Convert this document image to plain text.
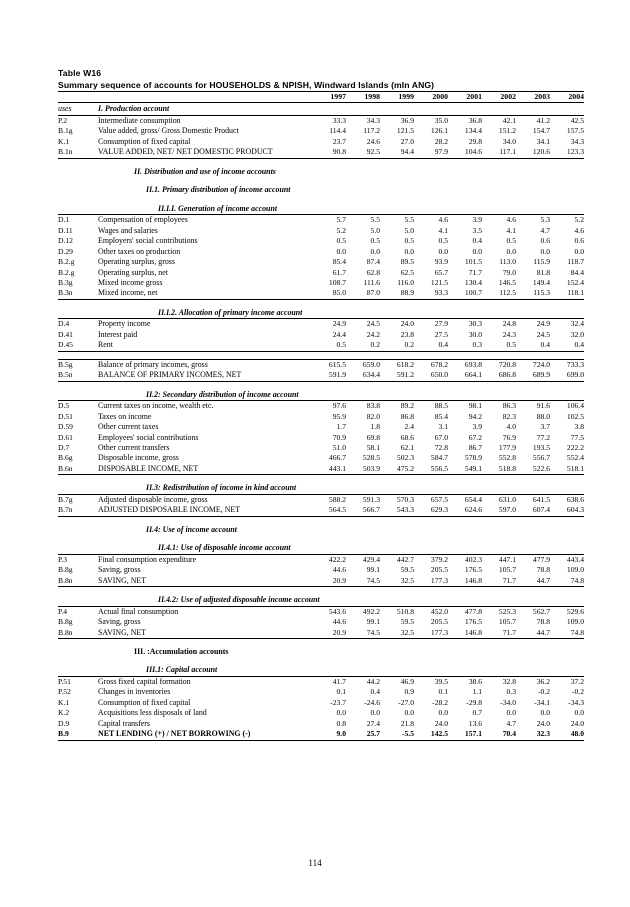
Table W16
Summary sequence of accounts for HOUSEHOLDS & NPISH, Windward Islands (mln ANG)
		1997	1998	1999	2000	2001	2002	2003	2004
uses	I. Production account								
P.2	Intermediate consumption	33.3	34.3	36.9	35.0	36.8	42.1	41.2	42.5
B.1g	Value added, gross/ Gross Domestic Product	114.4	117.2	121.5	126.1	134.4	151.2	154.7	157.5
K.1	Consumption of fixed capital	23.7	24.6	27.0	28.2	29.8	34.0	34.1	34.3
B.1n	VALUE ADDED, NET/ NET DOMESTIC PRODUCT	90.8	92.5	94.4	97.9	104.6	117.1	120.6	123.3

	II. Distribution and use of income accounts								

	II.1. Primary distribution of income account								

	II.I.I. Generation of income account								
D.1	Compensation of employees	5.7	5.5	5.5	4.6	3.9	4.6	5.3	5.2
D.11	Wages and salaries	5.2	5.0	5.0	4.1	3.5	4.1	4.7	4.6
D.12	Employers' social contributions	0.5	0.5	0.5	0.5	0.4	0.5	0.6	0.6
D.29	Other taxes on production	0.0	0.0	0.0	0.0	0.0	0.0	0.0	0.0
B.2.g	Operating surplus, gross	85.4	87.4	89.5	93.9	101.5	113.0	115.9	118.7
B.2.g	Operating surplus, net	61.7	62.8	62.5	65.7	71.7	79.0	81.8	84.4
B.3g	Mixed income gross	108.7	111.6	116.0	121.5	130.4	146.5	149.4	152.4
B.3n	Mixed income, net	85.0	87.0	88.9	93.3	100.7	112.5	115.3	118.1

	II.I.2. Allocation of primary income account								
D.4	Property income	24.9	24.5	24.0	27.9	30.3	24.8	24.9	32.4
D.41	Interest paid	24.4	24.2	23.8	27.5	30.0	24.3	24.5	32.0
D.45	Rent	0.5	0.2	0.2	0.4	0.3	0.5	0.4	0.4

B.5g	Balance of primary incomes, gross	615.5	659.0	618.2	678.2	693.8	720.8	724.0	733.3
B.5n	BALANCE OF PRIMARY INCOMES, NET	591.9	634.4	591.2	650.0	664.1	686.8	689.9	699.0

	II.2: Secondary distribution of income account								
D.5	Current taxes on income, wealth etc.	97.6	83.8	89.2	88.5	98.1	86.3	91.6	106.4
D.51	Taxes on income	95.9	82.0	86.8	85.4	94.2	82.3	88.0	102.5
D.59	Other current taxes	1.7	1.8	2.4	3.1	3.9	4.0	3.7	3.8
D.61	Employees' social contributions	70.9	69.8	68.6	67.0	67.2	76.9	77.2	77.5
D.7	Other current transfers	51.0	58.1	62.1	72.8	86.7	177.9	193.5	222.2
B.6g	Disposable income, gross	466.7	528.5	502.3	584.7	578.9	552.8	556.7	552.4
B.6n	DISPOSABLE INCOME, NET	443.1	503.9	475.2	556.5	549.1	518.8	522.6	518.1

	II.3: Redistribution of income in kind account								
B.7g	Adjusted disposable income, gross	588.2	591.3	570.3	657.5	654.4	631.0	641.5	638.6
B.7n	ADJUSTED DISPOSABLE INCOME, NET	564.5	566.7	543.3	629.3	624.6	597.0	607.4	604.3

	II.4: Use of income account								

	II.4.1: Use of disposable income account								
P.3	Final consumption expenditure	422.2	429.4	442.7	379.2	402.3	447.1	477.9	443.4
B.8g	Saving, gross	44.6	99.1	59.5	205.5	176.5	105.7	78.8	109.0
B.8n	SAVING, NET	20.9	74.5	32.5	177.3	146.8	71.7	44.7	74.8

	II.4.2: Use of adjusted disposable income account								
P.4	Actual final consumption	543.6	492.2	510.8	452.0	477.8	525.3	562.7	529.6
B.8g	Saving, gross	44.6	99.1	59.5	205.5	176.5	105.7	78.8	109.0
B.8n	SAVING, NET	20.9	74.5	32.5	177.3	146.8	71.7	44.7	74.8

	III. :Accumulation accounts								

	III.1: Capital account								
P.51	Gross fixed capital formation	41.7	44.2	46.9	39.5	38.6	32.8	36.2	37.2
P.52	Changes in inventories	0.1	0.4	0.9	0.1	1.1	0.3	-0.2	-0.2
K.1	Consumption of fixed capital	-23.7	-24.6	-27.0	-28.2	-29.8	-34.0	-34.1	-34.3
K.2	Acquisitions less disposals of land	0.0	0.0	0.0	0.0	0.7	0.0	0.0	0.0
D.9	Capital transfers	0.8	27.4	21.8	24.0	13.6	4.7	24.0	24.0
B.9	NET LENDING (+) / NET BORROWING (-)	9.0	25.7	-5.5	142.5	157.1	70.4	32.3	48.0
114
